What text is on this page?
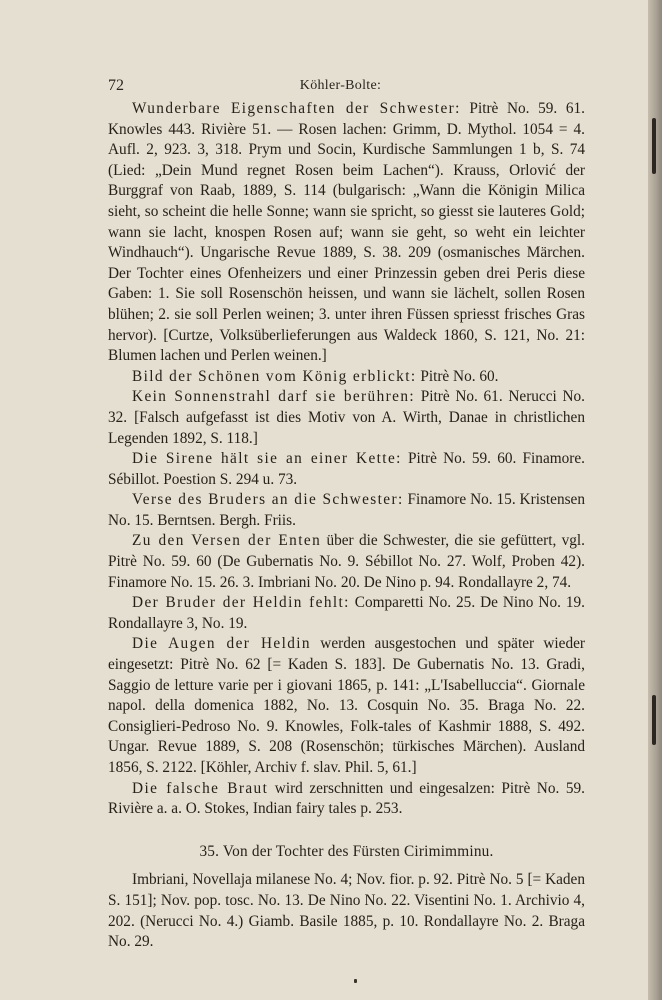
72	Köhler-Bolte:

Wunderbare Eigenschaften der Schwester: Pitrè No. 59. 61. Knowles 443. Rivière 51. — Rosen lachen: Grimm, D. Mythol. 1054 = 4. Aufl. 2, 923. 3, 318. Prym und Socin, Kurdische Sammlungen 1 b, S. 74 (Lied: „Dein Mund regnet Rosen beim Lachen“). Krauss, Orlović der Burggraf von Raab, 1889, S. 114 (bulgarisch: „Wann die Königin Milica sieht, so scheint die helle Sonne; wann sie spricht, so giesst sie lauteres Gold; wann sie lacht, knospen Rosen auf; wann sie geht, so weht ein leichter Windhauch“). Ungarische Revue 1889, S. 38. 209 (osmanisches Märchen. Der Tochter eines Ofenheizers und einer Prinzessin geben drei Peris diese Gaben: 1. Sie soll Rosenschön heissen, und wann sie lächelt, sollen Rosen blühen; 2. sie soll Perlen weinen; 3. unter ihren Füssen spriesst frisches Gras hervor). [Curtze, Volksüberlieferungen aus Waldeck 1860, S. 121, No. 21: Blumen lachen und Perlen weinen.]

Bild der Schönen vom König erblickt: Pitrè No. 60.

Kein Sonnenstrahl darf sie berühren: Pitrè No. 61. Nerucci No. 32. [Falsch aufgefasst ist dies Motiv von A. Wirth, Danae in christlichen Legenden 1892, S. 118.]

Die Sirene hält sie an einer Kette: Pitrè No. 59. 60. Finamore. Sébillot. Poestion S. 294 u. 73.

Verse des Bruders an die Schwester: Finamore No. 15. Kristensen No. 15. Berntsen. Bergh. Friis.

Zu den Versen der Enten über die Schwester, die sie gefüttert, vgl. Pitrè No. 59. 60 (De Gubernatis No. 9. Sébillot No. 27. Wolf, Proben 42). Finamore No. 15. 26. 3. Imbriani No. 20. De Nino p. 94. Rondallayre 2, 74.

Der Bruder der Heldin fehlt: Comparetti No. 25. De Nino No. 19. Rondallayre 3, No. 19.

Die Augen der Heldin werden ausgestochen und später wieder eingesetzt: Pitrè No. 62 [= Kaden S. 183]. De Gubernatis No. 13. Gradi, Saggio de letture varie per i giovani 1865, p. 141: „L'Isabelluccia“. Giornale napol. della domenica 1882, No. 13. Cosquin No. 35. Braga No. 22. Consiglieri-Pedroso No. 9. Knowles, Folk-tales of Kashmir 1888, S. 492. Ungar. Revue 1889, S. 208 (Rosenschön; türkisches Märchen). Ausland 1856, S. 2122. [Köhler, Archiv f. slav. Phil. 5, 61.]

Die falsche Braut wird zerschnitten und eingesalzen: Pitrè No. 59. Rivière a. a. O. Stokes, Indian fairy tales p. 253.

35. Von der Tochter des Fürsten Cirimimminu.

Imbriani, Novellaja milanese No. 4; Nov. fior. p. 92. Pitrè No. 5 [= Kaden S. 151]; Nov. pop. tosc. No. 13. De Nino No. 22. Visentini No. 1. Archivio 4, 202. (Nerucci No. 4.) Giamb. Basile 1885, p. 10. Rondallayre No. 2. Braga No. 29.
